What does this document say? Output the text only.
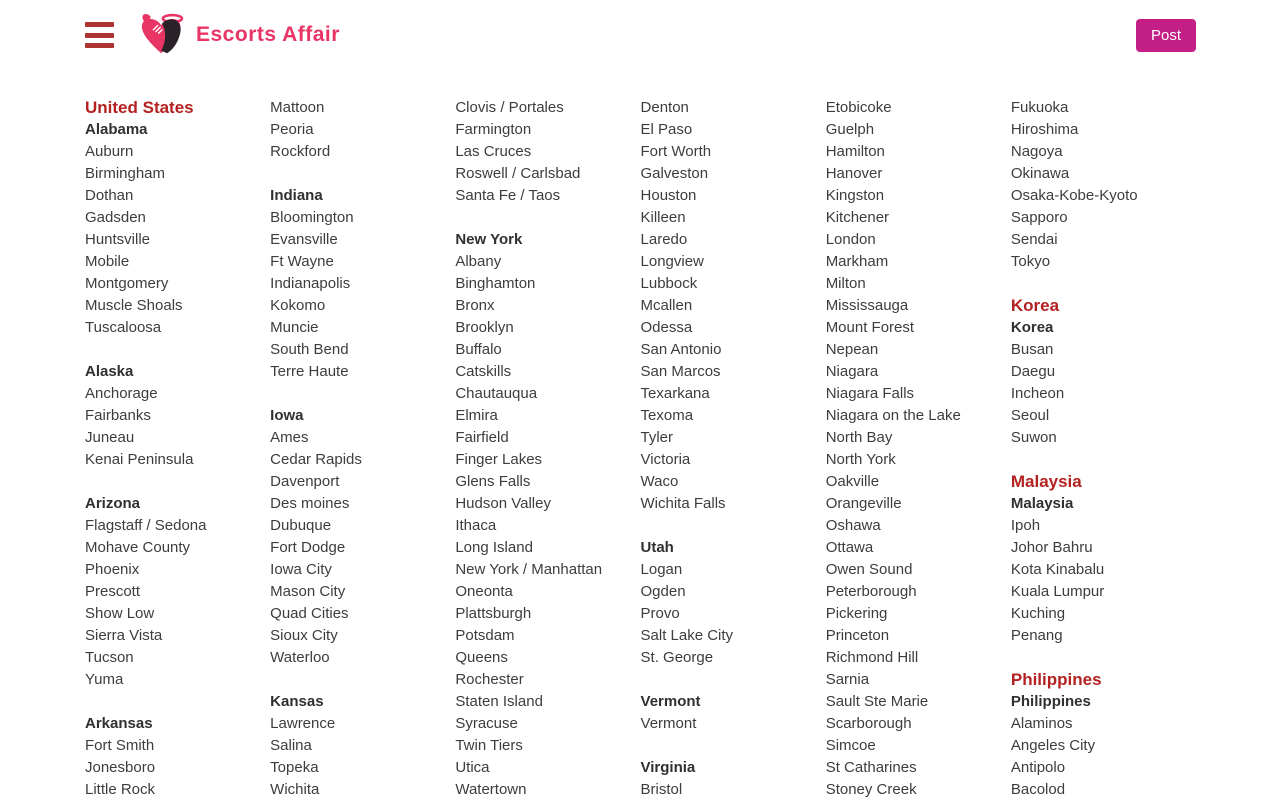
Escorts Affair	Post
United States
Alabama
Auburn
Birmingham
Dothan
Gadsden
Huntsville
Mobile
Montgomery
Muscle Shoals
Tuscaloosa
Alaska
Anchorage
Fairbanks
Juneau
Kenai Peninsula
Arizona
Flagstaff / Sedona
Mohave County
Phoenix
Prescott
Show Low
Sierra Vista
Tucson
Yuma
Arkansas
Fort Smith
Jonesboro
Little Rock
Mattoon
Peoria
Rockford
Indiana
Bloomington
Evansville
Ft Wayne
Indianapolis
Kokomo
Muncie
South Bend
Terre Haute
Iowa
Ames
Cedar Rapids
Davenport
Des moines
Dubuque
Fort Dodge
Iowa City
Mason City
Quad Cities
Sioux City
Waterloo
Kansas
Lawrence
Salina
Topeka
Wichita
Clovis / Portales
Farmington
Las Cruces
Roswell / Carlsbad
Santa Fe / Taos
New York
Albany
Binghamton
Bronx
Brooklyn
Buffalo
Catskills
Chautauqua
Elmira
Fairfield
Finger Lakes
Glens Falls
Hudson Valley
Ithaca
Long Island
New York / Manhattan
Oneonta
Plattsburgh
Potsdam
Queens
Rochester
Staten Island
Syracuse
Twin Tiers
Utica
Watertown
Denton
El Paso
Fort Worth
Galveston
Houston
Killeen
Laredo
Longview
Lubbock
Mcallen
Odessa
San Antonio
San Marcos
Texarkana
Texoma
Tyler
Victoria
Waco
Wichita Falls
Utah
Logan
Ogden
Provo
Salt Lake City
St. George
Vermont
Vermont
Virginia
Bristol
Etobicoke
Guelph
Hamilton
Hanover
Kingston
Kitchener
London
Markham
Milton
Mississauga
Mount Forest
Nepean
Niagara
Niagara Falls
Niagara on the Lake
North Bay
North York
Oakville
Orangeville
Oshawa
Ottawa
Owen Sound
Peterborough
Pickering
Princeton
Richmond Hill
Sarnia
Sault Ste Marie
Scarborough
Simcoe
St Catharines
Stoney Creek
Fukuoka
Hiroshima
Nagoya
Okinawa
Osaka-Kobe-Kyoto
Sapporo
Sendai
Tokyo
Korea
Korea
Busan
Daegu
Incheon
Seoul
Suwon
Malaysia
Malaysia
Ipoh
Johor Bahru
Kota Kinabalu
Kuala Lumpur
Kuching
Penang
Philippines
Philippines
Alaminos
Angeles City
Antipolo
Bacolod
